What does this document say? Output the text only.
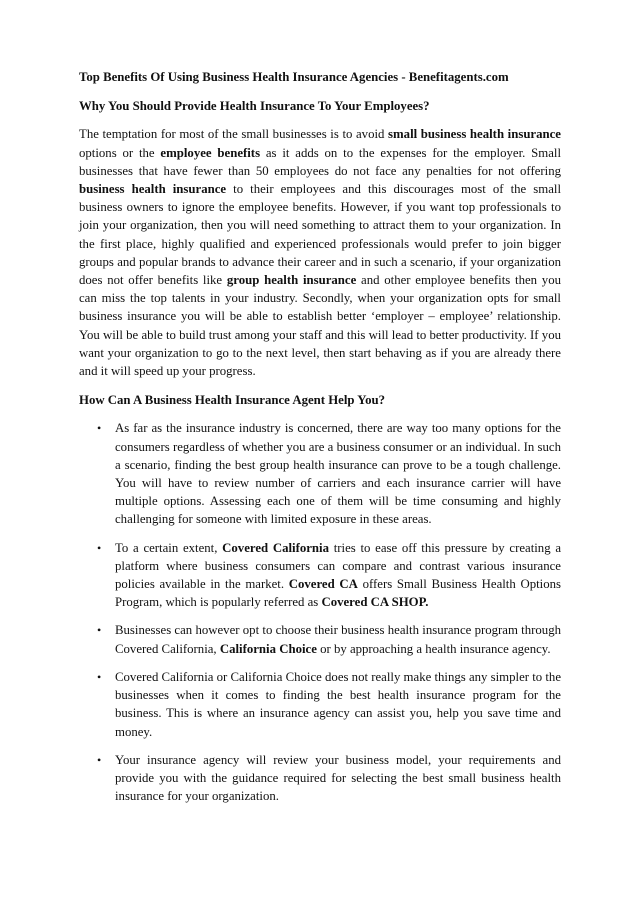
Top Benefits Of Using Business Health Insurance Agencies - Benefitagents.com

Why You Should Provide Health Insurance To Your Employees?

The temptation for most of the small businesses is to avoid small business health insurance options or the employee benefits as it adds on to the expenses for the employer. Small businesses that have fewer than 50 employees do not face any penalties for not offering business health insurance to their employees and this discourages most of the small business owners to ignore the employee benefits. However, if you want top professionals to join your organization, then you will need something to attract them to your organization. In the first place, highly qualified and experienced professionals would prefer to join bigger groups and popular brands to advance their career and in such a scenario, if your organization does not offer benefits like group health insurance and other employee benefits then you can miss the top talents in your industry. Secondly, when your organization opts for small business insurance you will be able to establish better ‘employer – employee’ relationship. You will be able to build trust among your staff and this will lead to better productivity. If you want your organization to go to the next level, then start behaving as if you are already there and it will speed up your progress.

How Can A Business Health Insurance Agent Help You?

• As far as the insurance industry is concerned, there are way too many options for the consumers regardless of whether you are a business consumer or an individual. In such a scenario, finding the best group health insurance can prove to be a tough challenge. You will have to review number of carriers and each insurance carrier will have multiple options. Assessing each one of them will be time consuming and highly challenging for someone with limited exposure in these areas.
• To a certain extent, Covered California tries to ease off this pressure by creating a platform where business consumers can compare and contrast various insurance policies available in the market. Covered CA offers Small Business Health Options Program, which is popularly referred as Covered CA SHOP.
• Businesses can however opt to choose their business health insurance program through Covered California, California Choice or by approaching a health insurance agency.
• Covered California or California Choice does not really make things any simpler to the businesses when it comes to finding the best health insurance program for the business. This is where an insurance agency can assist you, help you save time and money.
• Your insurance agency will review your business model, your requirements and provide you with the guidance required for selecting the best small business health insurance for your organization.
